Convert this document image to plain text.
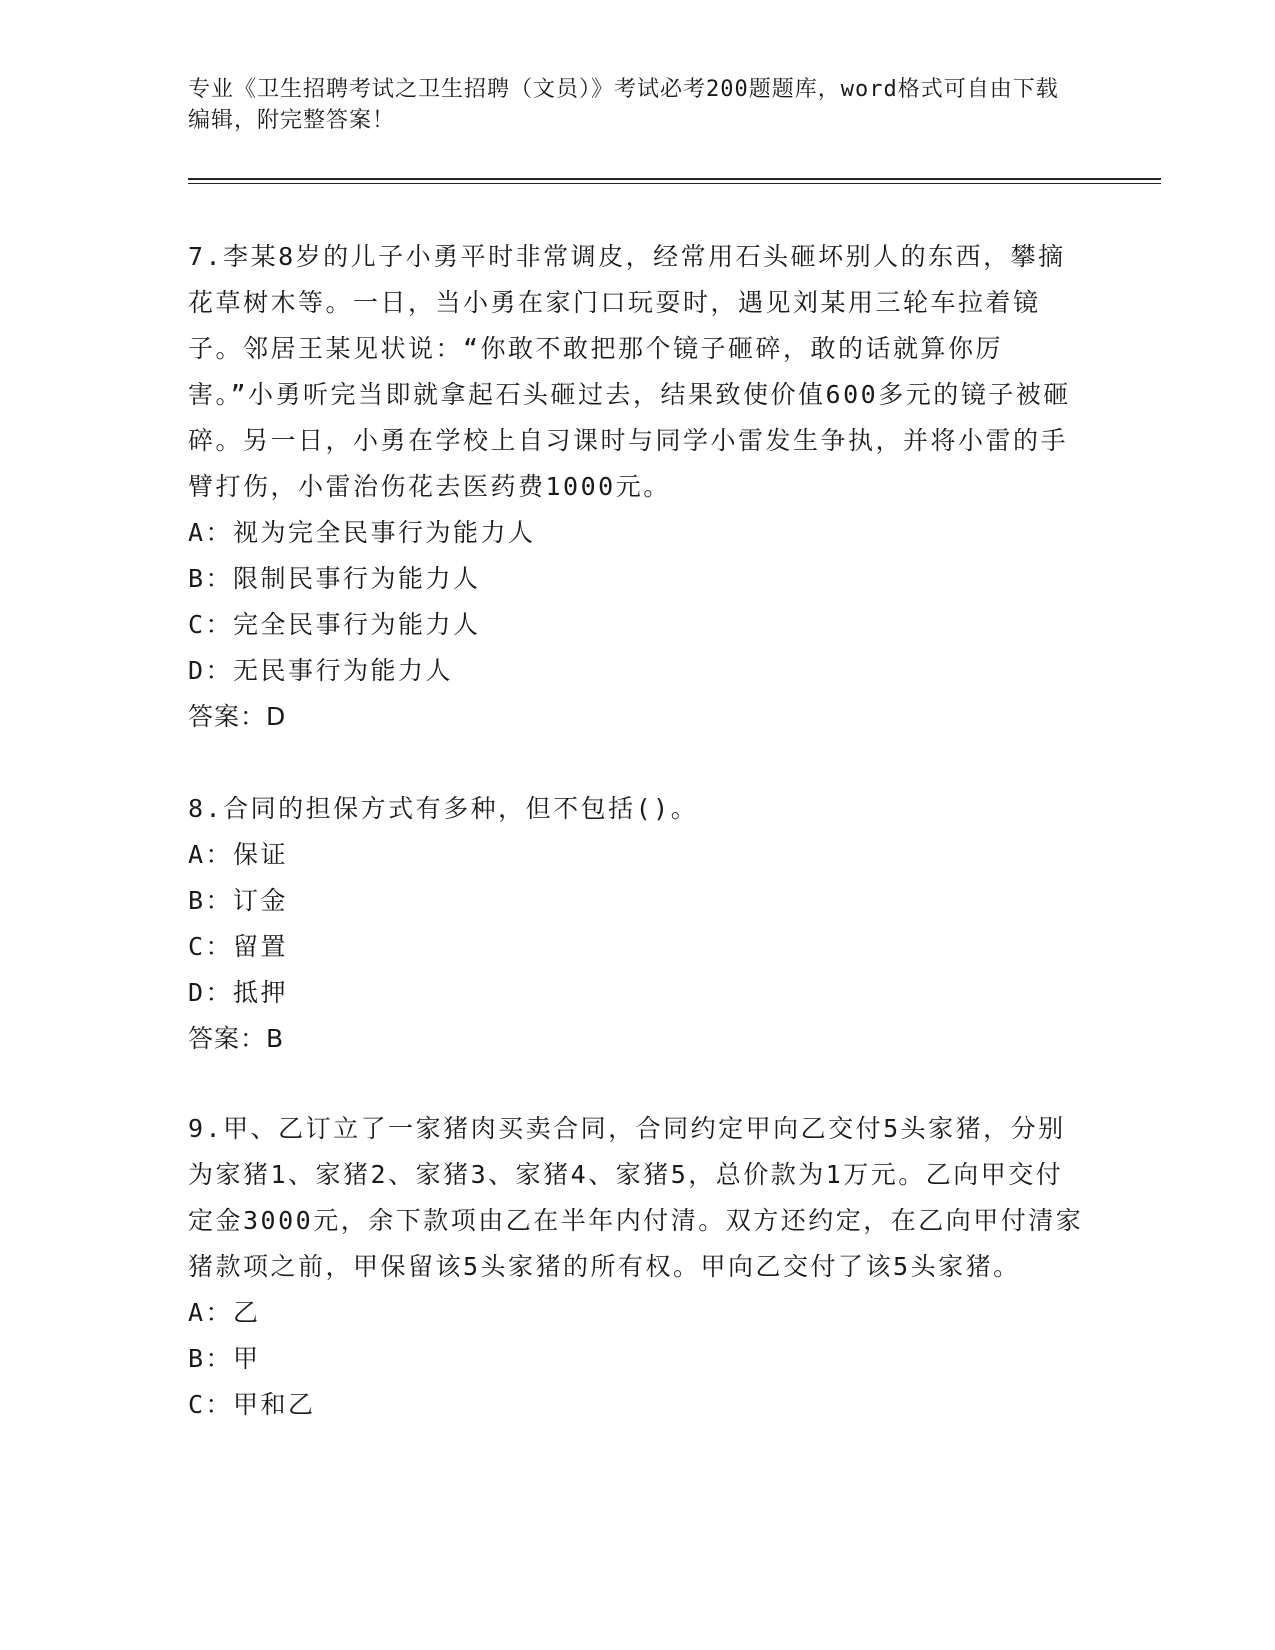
专业《卫生招聘考试之卫生招聘（文员）》考试必考200题题库，word格式可自由下载编辑，附完整答案！

7.李某8岁的儿子小勇平时非常调皮，经常用石头砸坏别人的东西，攀摘花草树木等。一日，当小勇在家门口玩耍时，遇见刘某用三轮车拉着镜子。邻居王某见状说：“你敢不敢把那个镜子砸碎，敢的话就算你厉害。”小勇听完当即就拿起石头砸过去，结果致使价值600多元的镜子被砸碎。另一日，小勇在学校上自习课时与同学小雷发生争执，并将小雷的手臂打伤，小雷治伤花去医药费1000元。

A：视为完全民事行为能力人

B：限制民事行为能力人

C：完全民事行为能力人

D：无民事行为能力人

答案：D

8.合同的担保方式有多种，但不包括()。

A：保证

B：订金

C：留置

D：抵押

答案：B

9.甲、乙订立了一家猪肉买卖合同，合同约定甲向乙交付5头家猪，分别为家猪1、家猪2、家猪3、家猪4、家猪5，总价款为1万元。乙向甲交付定金3000元，余下款项由乙在半年内付清。双方还约定，在乙向甲付清家猪款项之前，甲保留该5头家猪的所有权。甲向乙交付了该5头家猪。

A：乙

B：甲

C：甲和乙
